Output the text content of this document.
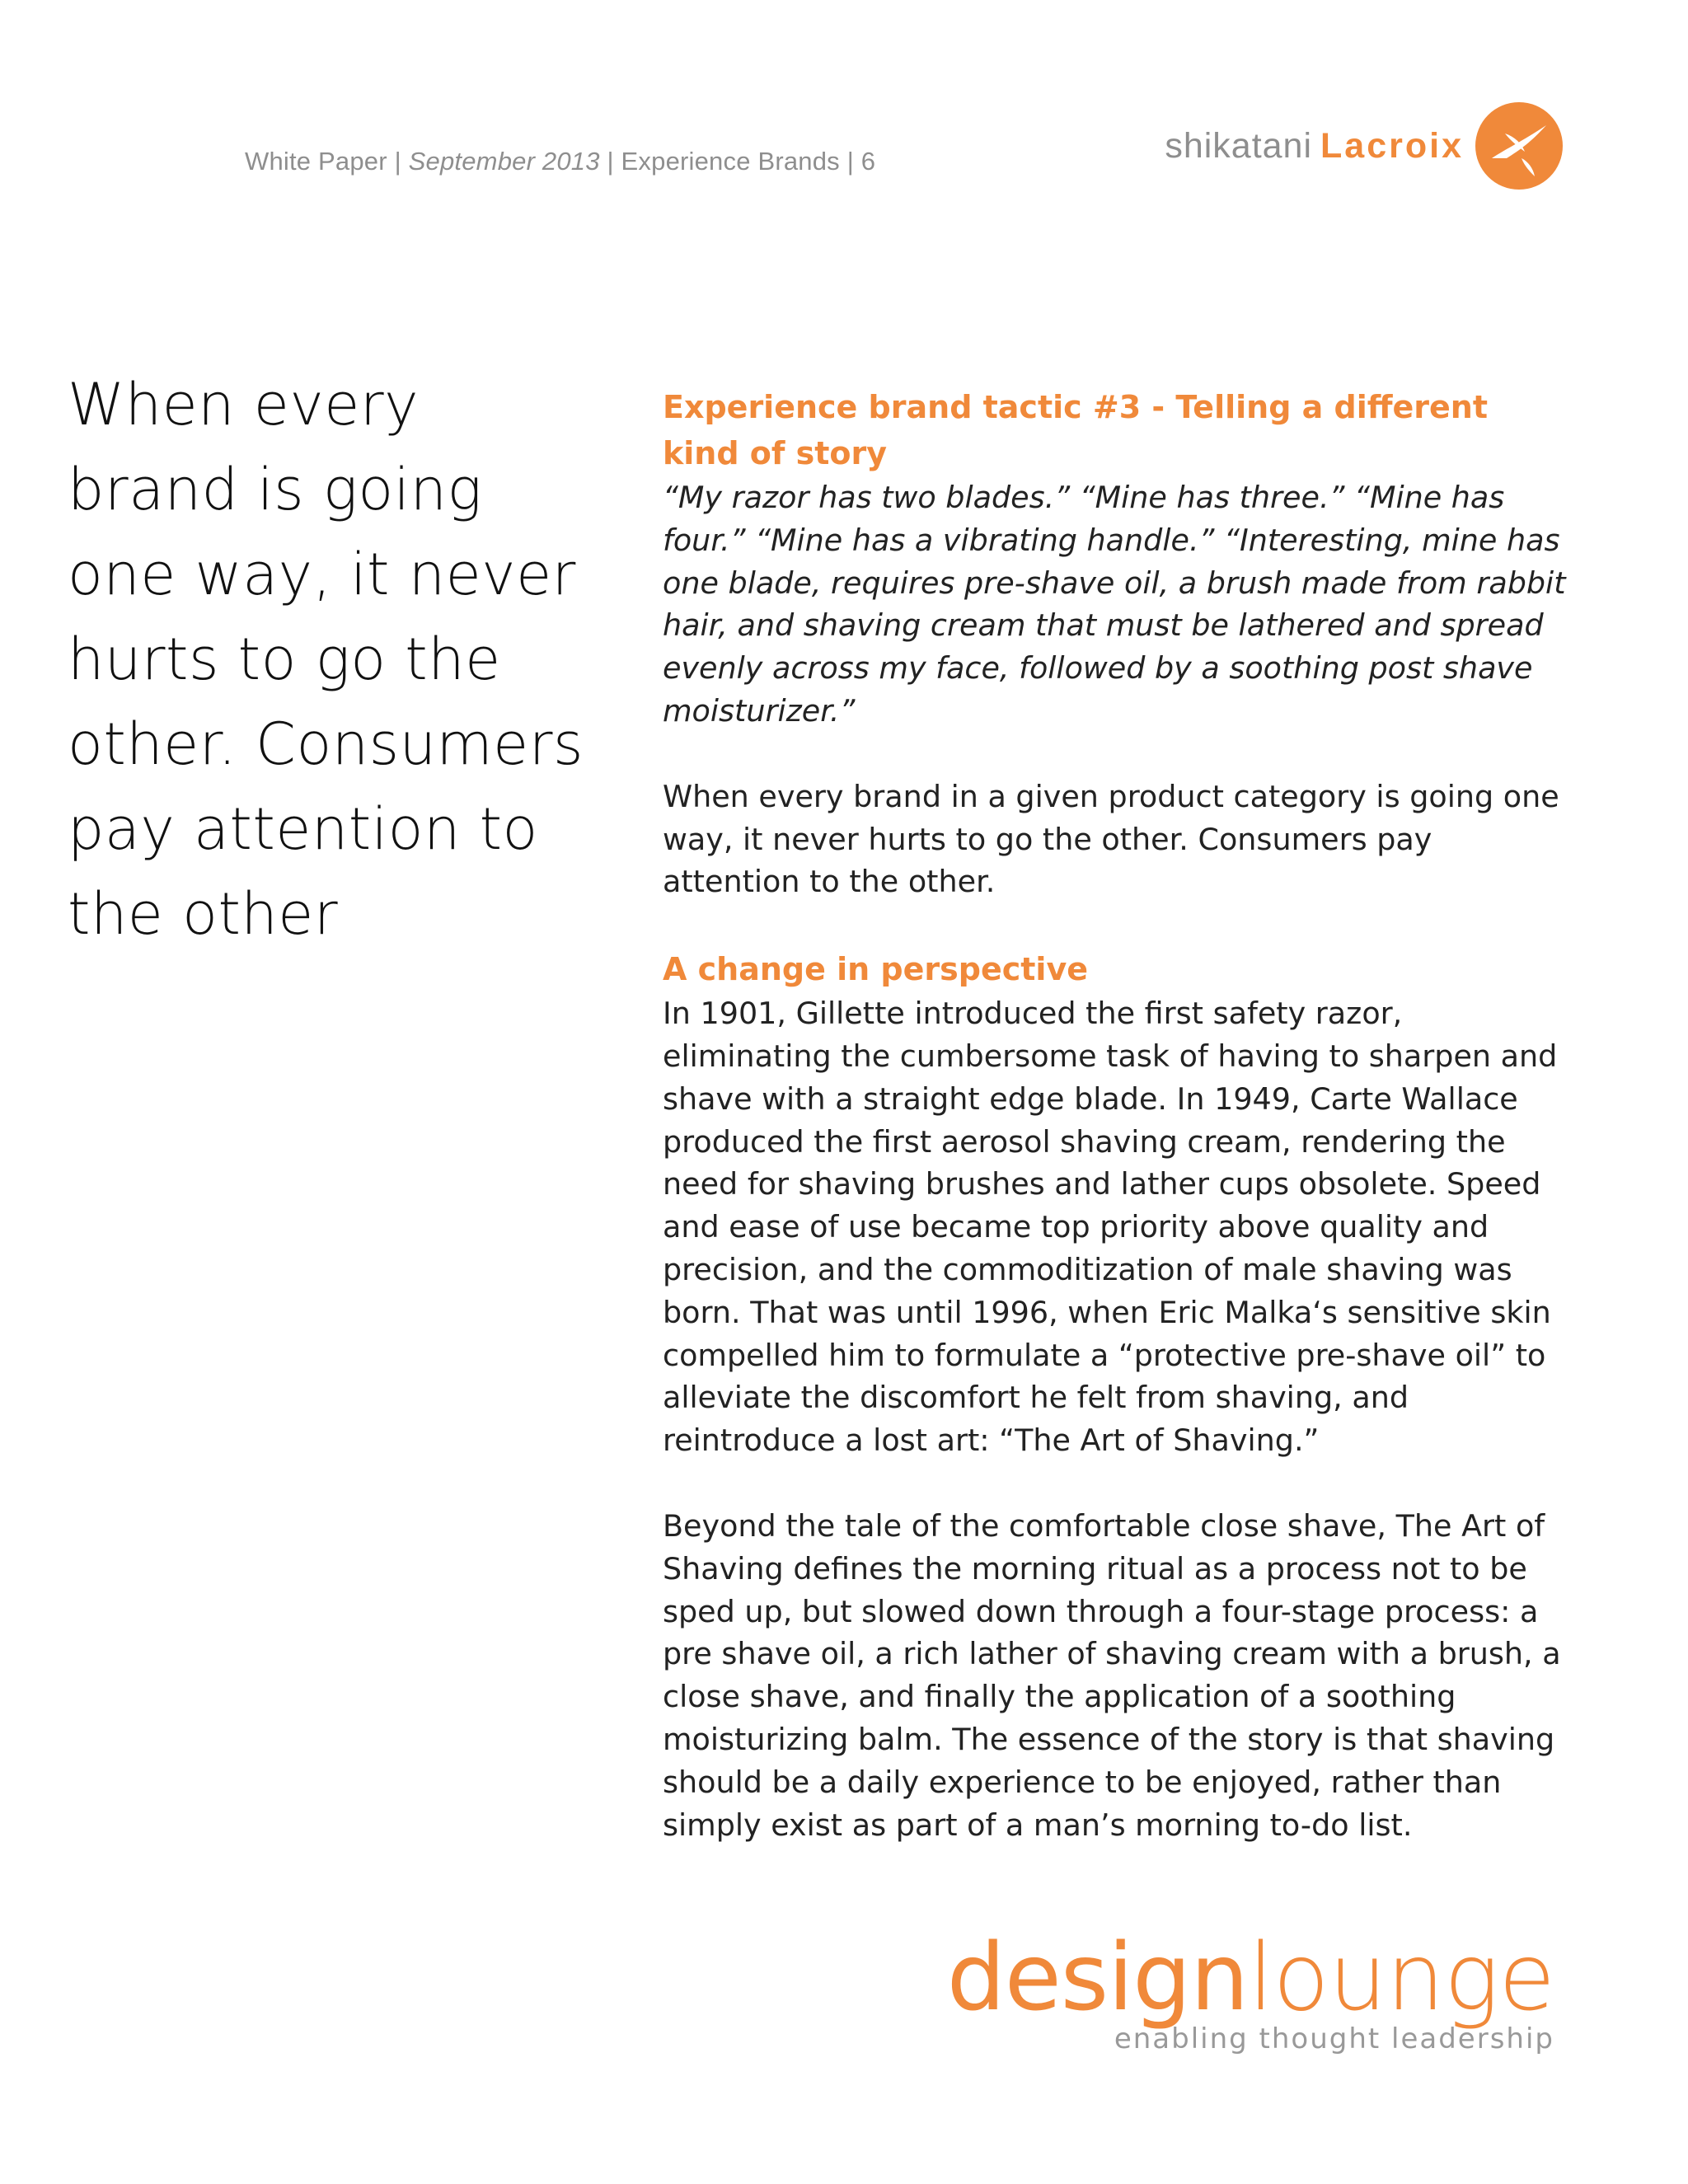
White Paper | September 2013 | Experience Brands | 6	shikatani Lacroix
When every brand is going one way, it never hurts to go the other. Consumers pay attention to the other
Experience brand tactic #3 - Telling a different kind of story

“My razor has two blades.” “Mine has three.” “Mine has four.” “Mine has a vibrating handle.” “Interesting, mine has one blade, requires pre-shave oil, a brush made from rabbit hair, and shaving cream that must be lathered and spread evenly across my face, followed by a soothing post shave moisturizer.”

When every brand in a given product category is going one way, it never hurts to go the other. Consumers pay attention to the other.

A change in perspective

In 1901, Gillette introduced the first safety razor, eliminating the cumbersome task of having to sharpen and shave with a straight edge blade. In 1949, Carte Wallace produced the first aerosol shaving cream, rendering the need for shaving brushes and lather cups obsolete. Speed and ease of use became top priority above quality and precision, and the commoditization of male shaving was born. That was until 1996, when Eric Malka‘s sensitive skin compelled him to formulate a “protective pre-shave oil” to alleviate the discomfort he felt from shaving, and reintroduce a lost art: “The Art of Shaving.”

Beyond the tale of the comfortable close shave, The Art of Shaving defines the morning ritual as a process not to be sped up, but slowed down through a four-stage process: a pre shave oil, a rich lather of shaving cream with a brush, a close shave, and finally the application of a soothing moisturizing balm. The essence of the story is that shaving should be a daily experience to be enjoyed, rather than simply exist as part of a man’s morning to-do list.

designlounge
enabling thought leadership
